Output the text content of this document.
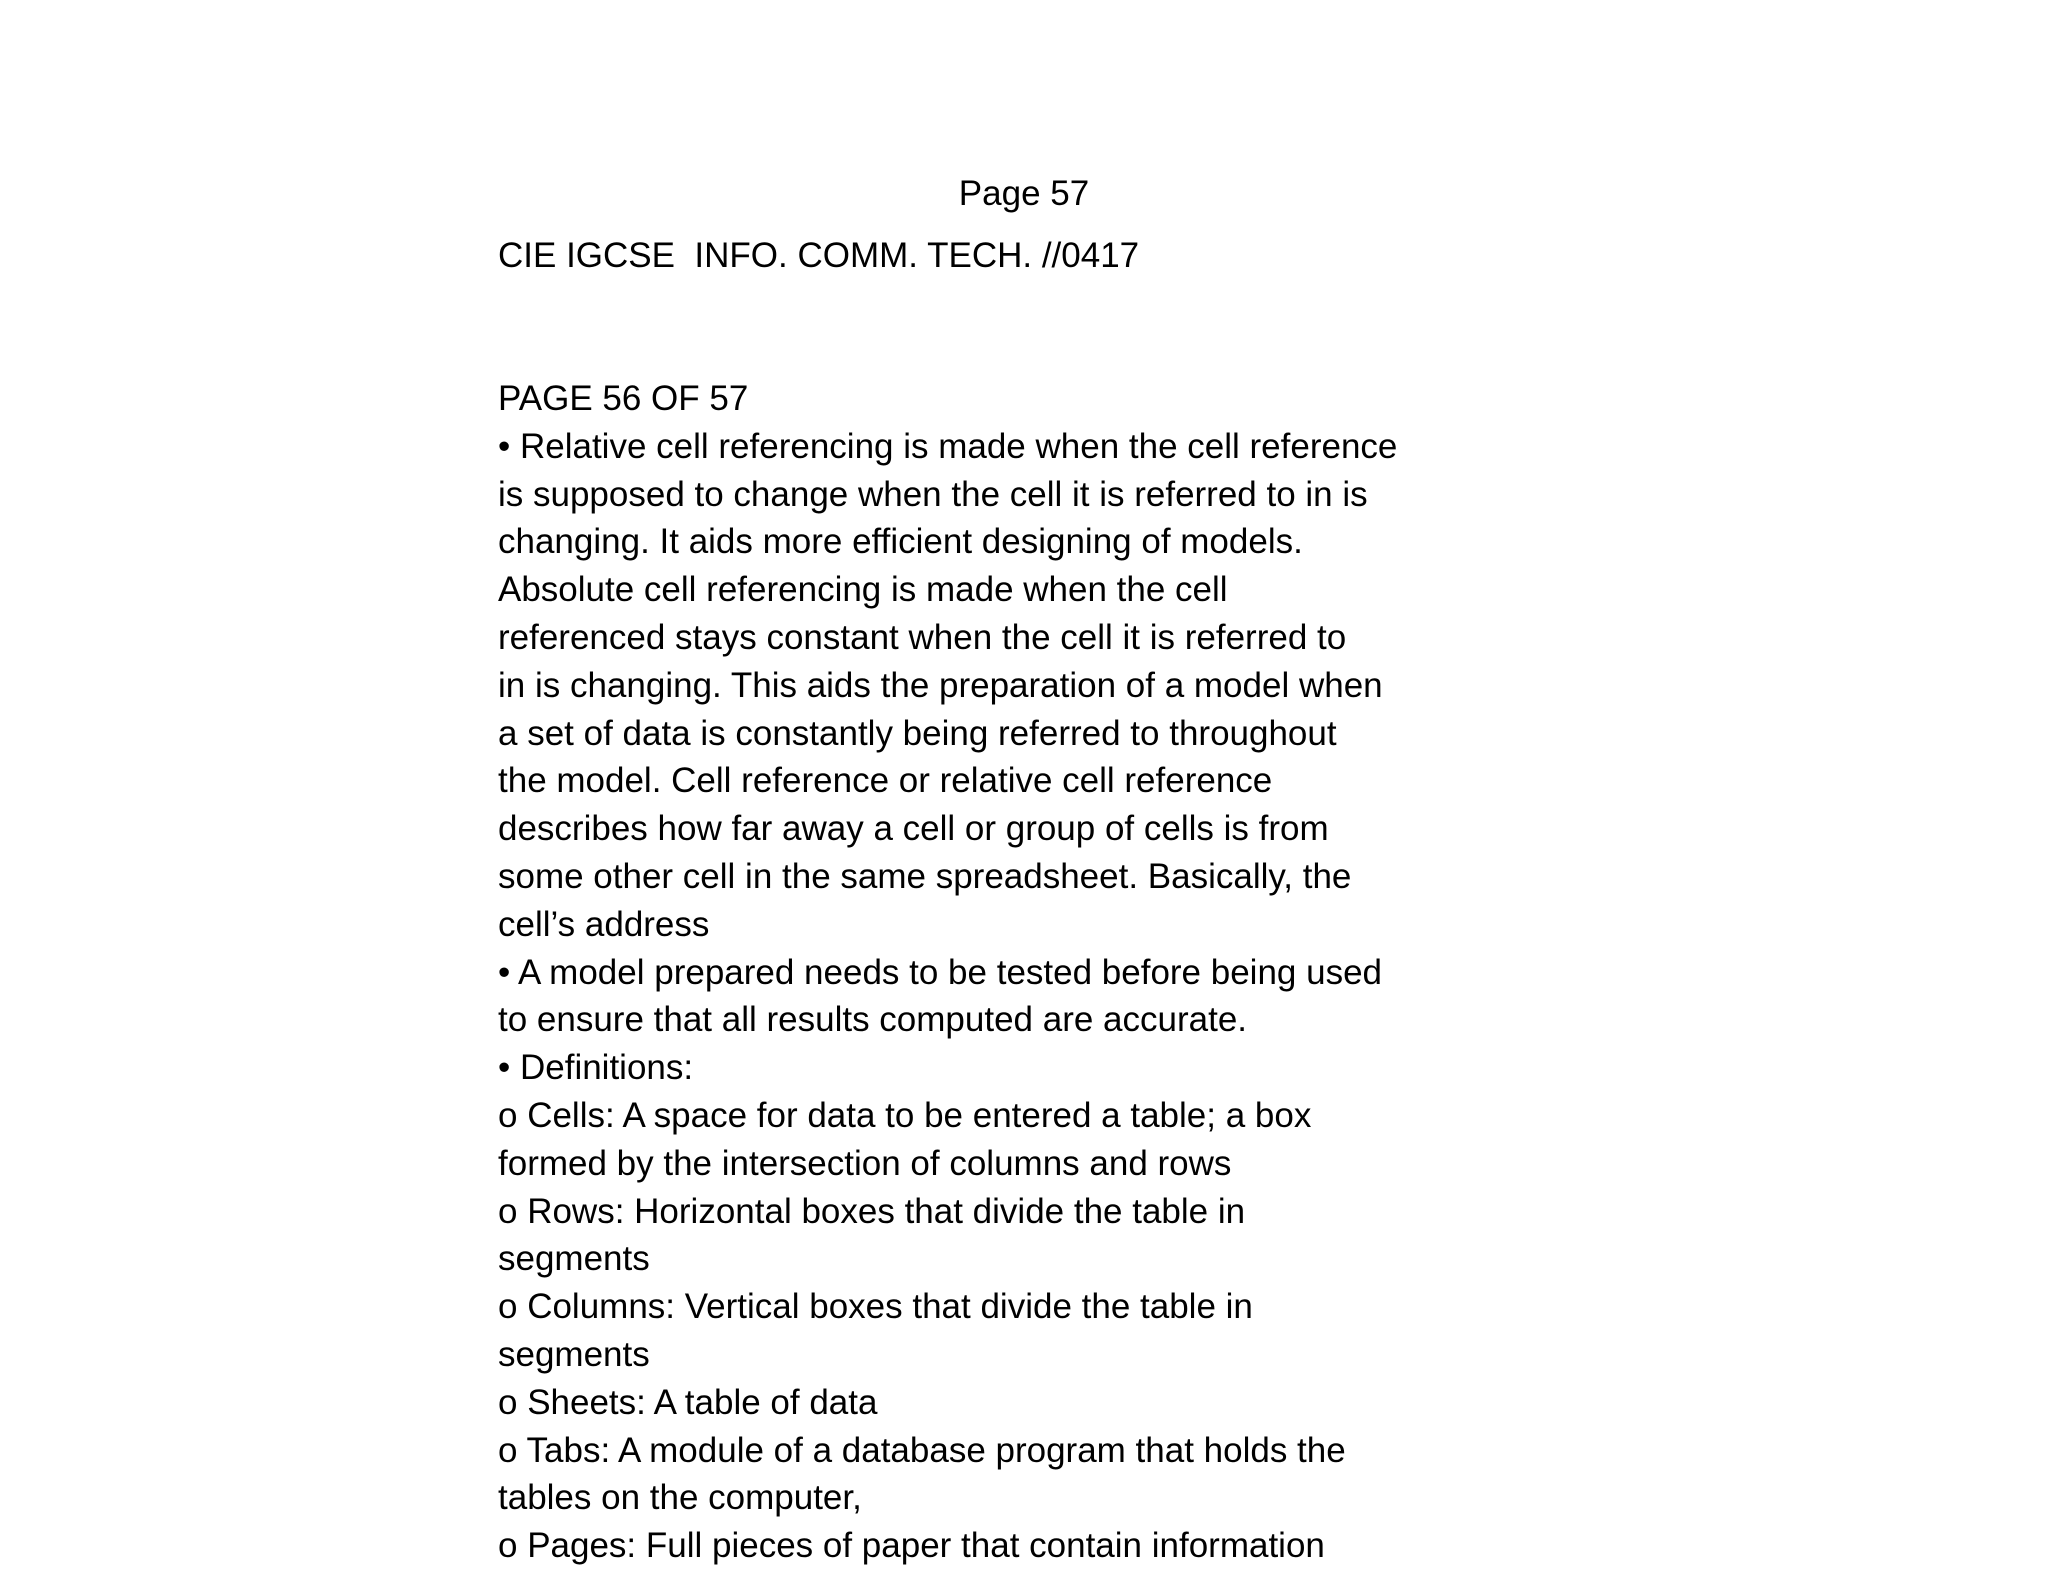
Page 57
CIE IGCSE  INFO. COMM. TECH. //0417
PAGE 56 OF 57
• Relative cell referencing is made when the cell reference
is supposed to change when the cell it is referred to in is
changing. It aids more efficient designing of models.
Absolute cell referencing is made when the cell
referenced stays constant when the cell it is referred to
in is changing. This aids the preparation of a model when
a set of data is constantly being referred to throughout
the model. Cell reference or relative cell reference
describes how far away a cell or group of cells is from
some other cell in the same spreadsheet. Basically, the
cell’s address
• A model prepared needs to be tested before being used
to ensure that all results computed are accurate.
• Definitions:
o Cells: A space for data to be entered a table; a box
formed by the intersection of columns and rows
o Rows: Horizontal boxes that divide the table in
segments
o Columns: Vertical boxes that divide the table in
segments
o Sheets: A table of data
o Tabs: A module of a database program that holds the
tables on the computer,
o Pages: Full pieces of paper that contain information
